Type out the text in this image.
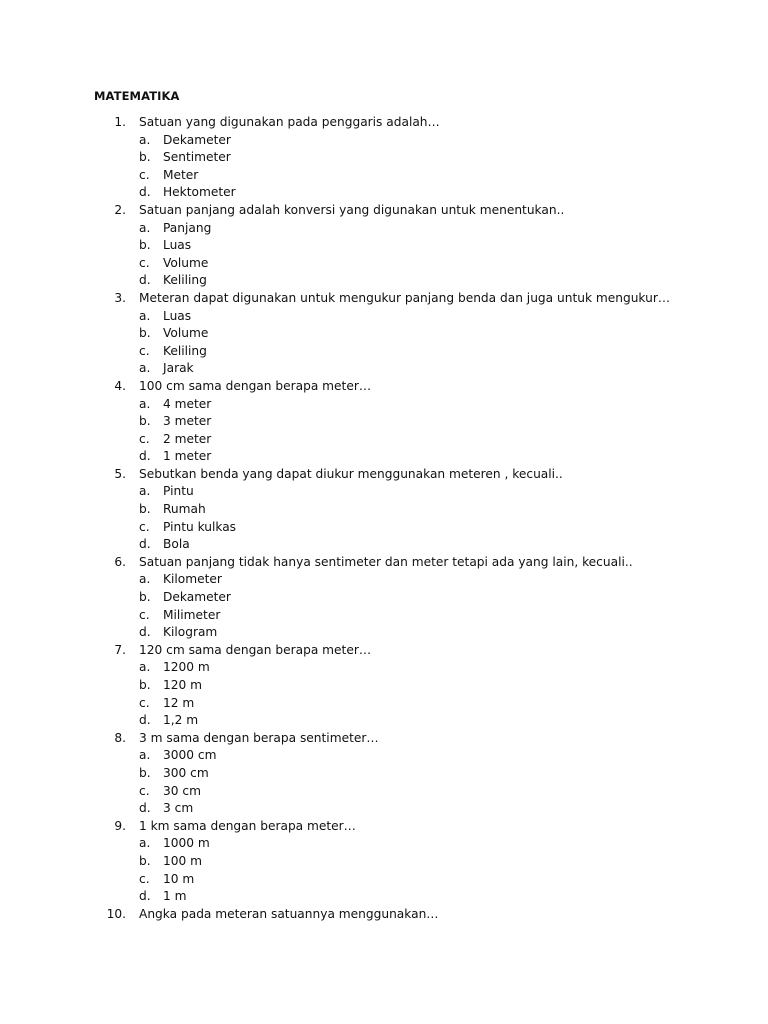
MATEMATIKA
1. Satuan yang digunakan pada penggaris adalah…
a. Dekameter
b. Sentimeter
c. Meter
d. Hektometer
2. Satuan panjang adalah konversi yang digunakan untuk menentukan..
a. Panjang
b. Luas
c. Volume
d. Keliling
3. Meteran dapat digunakan untuk mengukur panjang benda dan juga untuk mengukur…
a. Luas
b. Volume
c. Keliling
a. Jarak
4. 100 cm sama dengan berapa meter…
a. 4 meter
b. 3 meter
c. 2 meter
d. 1 meter
5. Sebutkan benda yang dapat diukur menggunakan meteren , kecuali..
a. Pintu
b. Rumah
c. Pintu kulkas
d. Bola
6. Satuan panjang tidak hanya sentimeter dan meter tetapi ada yang lain, kecuali..
a. Kilometer
b. Dekameter
c. Milimeter
d. Kilogram
7. 120 cm sama dengan berapa meter…
a. 1200 m
b. 120 m
c. 12 m
d. 1,2 m
8. 3 m sama dengan berapa sentimeter…
a. 3000 cm
b. 300 cm
c. 30 cm
d. 3 cm
9. 1 km sama dengan berapa meter…
a. 1000 m
b. 100 m
c. 10 m
d. 1 m
10. Angka pada meteran satuannya menggunakan…
